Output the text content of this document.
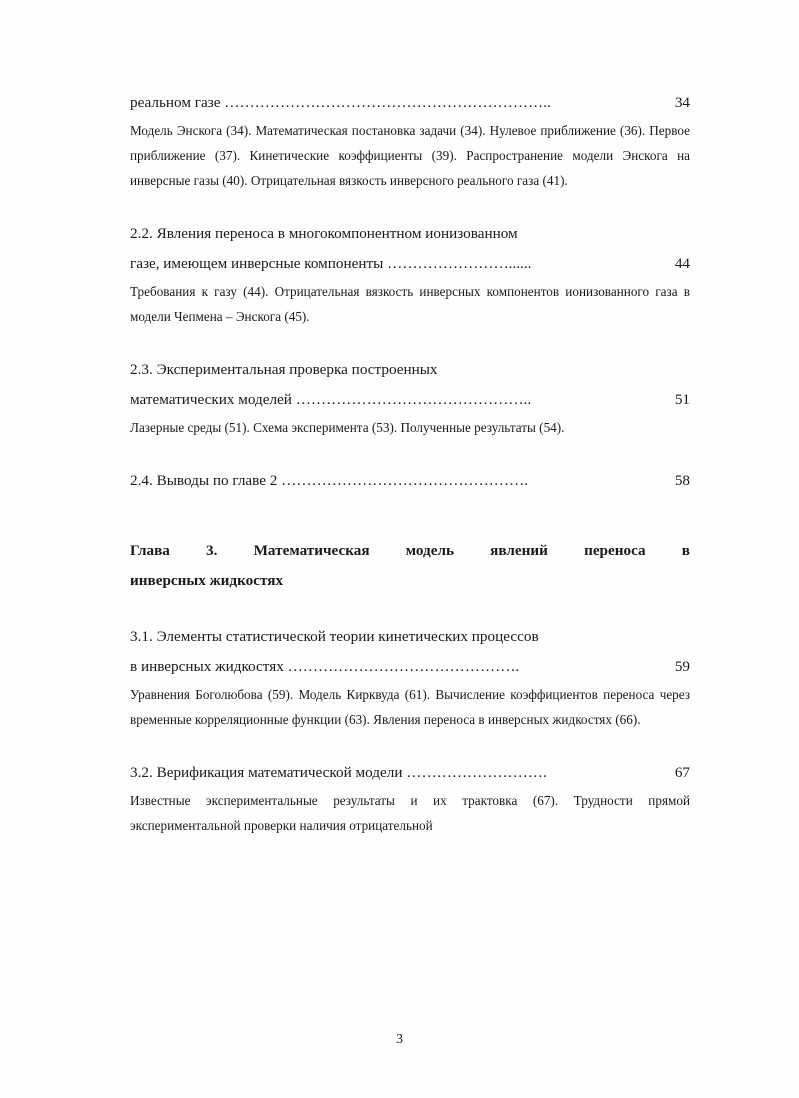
реальном газе ………………………………………………………..	34
Модель Энскога (34). Математическая постановка задачи (34). Нулевое приближение (36). Первое приближение (37). Кинетические коэффициенты (39). Распространение модели Энскога на инверсные газы (40). Отрицательная вязкость инверсного реального газа (41).
2.2. Явления переноса в многокомпонентном ионизованном
газе, имеющем инверсные компоненты ……………………......	44
Требования к газу (44). Отрицательная вязкость инверсных компонентов ионизованного газа в модели Чепмена – Энскога (45).
2.3. Экспериментальная проверка построенных
математических моделей ………………………………………..	51
Лазерные среды (51). Схема эксперимента (53). Полученные результаты (54).
2.4. Выводы по главе 2 ………………………………………….	58
Глава 3. Математическая модель явлений переноса в
инверсных жидкостях
3.1. Элементы статистической теории кинетических процессов
в инверсных жидкостях ……………………………………….	59
Уравнения Боголюбова (59). Модель Кирквуда (61). Вычисление коэффициентов переноса через временные корреляционные функции (63). Явления переноса в инверсных жидкостях (66).
3.2. Верификация математической модели ……………………….	67
Известные экспериментальные результаты и их трактовка (67). Трудности прямой экспериментальной проверки наличия отрицательной
3
